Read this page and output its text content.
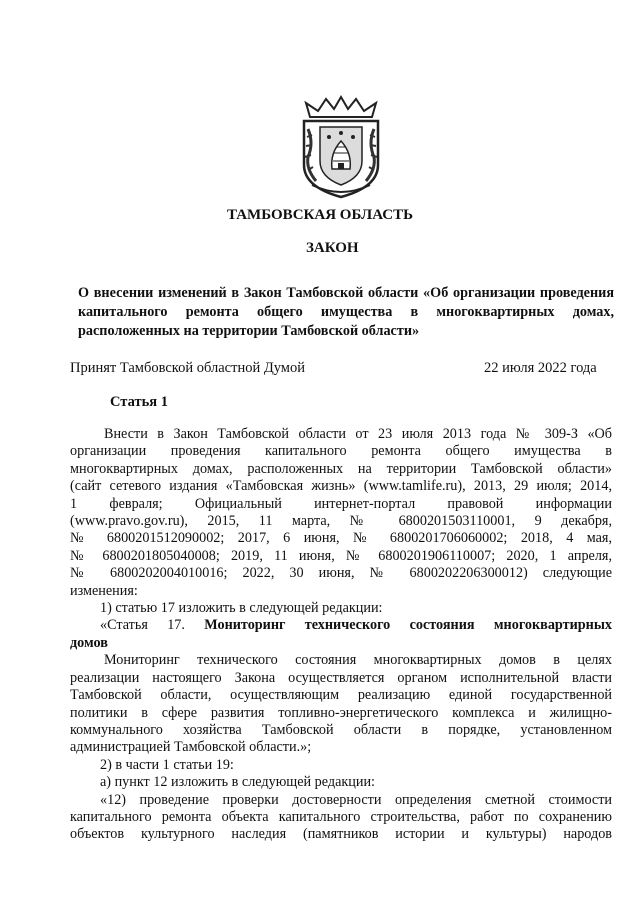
ТАМБОВСКАЯ ОБЛАСТЬ

ЗАКОН

О внесении изменений в Закон Тамбовской области «Об организации проведения капитального ремонта общего имущества в многоквартирных домах, расположенных на территории Тамбовской области»

Принят Тамбовской областной Думой	22 июля 2022 года

Статья 1

Внести в Закон Тамбовской области от 23 июля 2013 года № 309-З «Об

организации проведения капитального ремонта общего имущества в

многоквартирных домах, расположенных на территории Тамбовской области»

(сайт сетевого издания «Тамбовская жизнь» (www.tamlife.ru), 2013, 29 июля; 2014,

1 февраля; Официальный интернет-портал правовой информации

(www.pravo.gov.ru), 2015, 11 марта, № 6800201503110001, 9 декабря,

№ 6800201512090002; 2017, 6 июня, № 6800201706060002; 2018, 4 мая,

№ 6800201805040008; 2019, 11 июня, № 6800201906110007; 2020, 1 апреля,

№ 6800202004010016; 2022, 30 июня, № 6800202206300012) следующие

изменения:

1) статью 17 изложить в следующей редакции:

«Статья 17. Мониторинг технического состояния многоквартирных

домов

Мониторинг технического состояния многоквартирных домов в целях

реализации настоящего Закона осуществляется органом исполнительной власти

Тамбовской области, осуществляющим реализацию единой государственной

политики в сфере развития топливно-энергетического комплекса и жилищно-

коммунального хозяйства Тамбовской области в порядке, установленном

администрацией Тамбовской области.»;

2) в части 1 статьи 19:

а) пункт 12 изложить в следующей редакции:

«12) проведение проверки достоверности определения сметной стоимости

капитального ремонта объекта капитального строительства, работ по сохранению

объектов культурного наследия (памятников истории и культуры) народов
